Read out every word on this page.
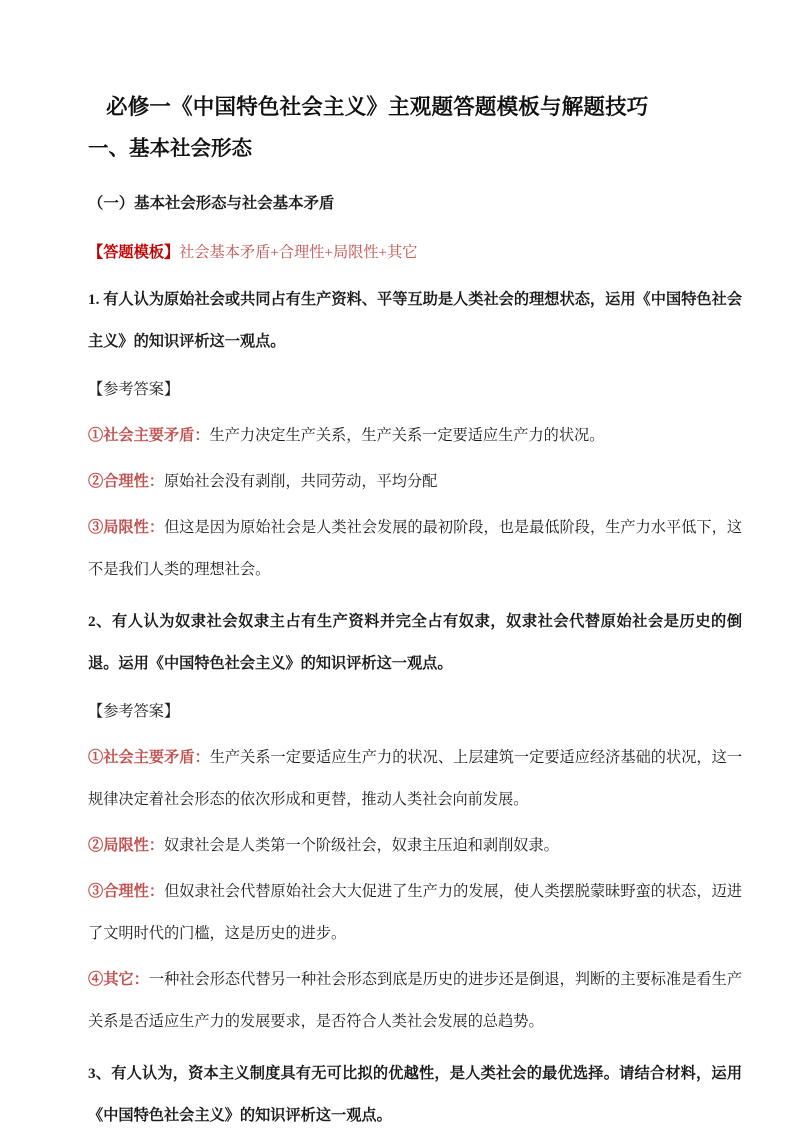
必修一《中国特色社会主义》主观题答题模板与解题技巧
一、基本社会形态

（一）基本社会形态与社会基本矛盾

【答题模板】社会基本矛盾+合理性+局限性+其它

1. 有人认为原始社会或共同占有生产资料、平等互助是人类社会的理想状态，运用《中国特色社会主义》的知识评析这一观点。

【参考答案】

①社会主要矛盾：生产力决定生产关系，生产关系一定要适应生产力的状况。

②合理性：原始社会没有剥削，共同劳动，平均分配

③局限性：但这是因为原始社会是人类社会发展的最初阶段，也是最低阶段，生产力水平低下，这不是我们人类的理想社会。

2、有人认为奴隶社会奴隶主占有生产资料并完全占有奴隶，奴隶社会代替原始社会是历史的倒退。运用《中国特色社会主义》的知识评析这一观点。

【参考答案】

①社会主要矛盾：生产关系一定要适应生产力的状况、上层建筑一定要适应经济基础的状况，这一规律决定着社会形态的依次形成和更替，推动人类社会向前发展。

②局限性：奴隶社会是人类第一个阶级社会，奴隶主压迫和剥削奴隶。

③合理性：但奴隶社会代替原始社会大大促进了生产力的发展，使人类摆脱蒙昧野蛮的状态，迈进了文明时代的门槛，这是历史的进步。

④其它：一种社会形态代替另一种社会形态到底是历史的进步还是倒退，判断的主要标准是看生产关系是否适应生产力的发展要求，是否符合人类社会发展的总趋势。

3、有人认为，资本主义制度具有无可比拟的优越性，是人类社会的最优选择。请结合材料，运用《中国特色社会主义》的知识评析这一观点。
